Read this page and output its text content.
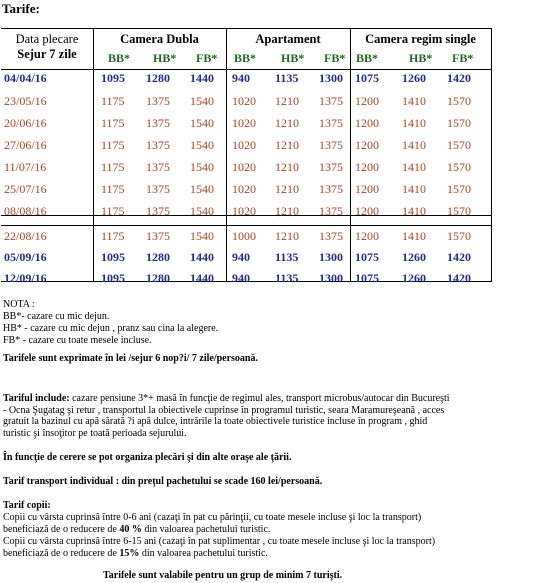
Tarife:
Data plecare
Sejur 7 zile
Camera Dubla	Apartament	Camera regim single
BB* HB* FB* BB* HB* FB* BB*	HB* FB*
04/04/16	1095 1280 1440 940 1135 1300 1075 1260 1420
23/05/16	1175 1375 1540 1020 1210 1375 1200 1410 1570
20/06/16	1175 1375 1540 1020 1210 1375 1200 1410 1570
27/06/16	1175 1375 1540 1020 1210 1375 1200 1410 1570
11/07/16	1175 1375 1540 1020 1210 1375 1200 1410 1570
25/07/16	1175 1375 1540 1020 1210 1375 1200 1410 1570
08/08/16	1175 1375 1540 1020 1210 1375 1200 1410 1570
22/08/16	1175 1375 1540 1000 1210 1375 1200 1410 1570
05/09/16	1095 1280 1440 940 1135 1300 1075 1260 1420
12/09/16	1095 1280 1440 940 1135 1300 1075 1260 1420
NOTA :
BB*- cazare cu mic dejun.
HB* - cazare cu mic dejun , pranz sau cina la alegere.
FB* - cazare cu toate mesele incluse.
Tarifele sunt exprimate în lei /sejur 6 nop?i/ 7 zile/persoană.
Tariful include: cazare pensiune 3*+ masă în funcţie de regimul ales, transport microbus/autocar din Bucureşti
- Ocna Şugatag şi retur , transportul la obiectivele cuprinse în programul turistic, seara Maramureşeană , acces
gratuit la bazinul cu apă sărată ?i apă dulce, intrările la toate obiectivele turistice incluse în program , ghid
turistic şi însoţitor pe toată perioada sejurului.
În funcţie de cerere se pot organiza plecări şi din alte oraşe ale ţării.
Tarif transport individual : din preţul pachetului se scade 160 lei/persoană.
Tarif copii:
Copii cu vârsta cuprinsă între 0-6 ani (cazaţi în pat cu părinţii, cu toate mesele incluse şi loc la transport)
beneficiază de o reducere de 40 % din valoarea pachetului turistic.
Copii cu vârsta cuprinsă între 6-15 ani (cazaţi în pat suplimentar , cu toate mesele incluse şi loc la transport)
beneficiază de o reducere de 15% din valoarea pachetului turistic.
Tarifele sunt valabile pentru un grup de minim 7 turişti.
